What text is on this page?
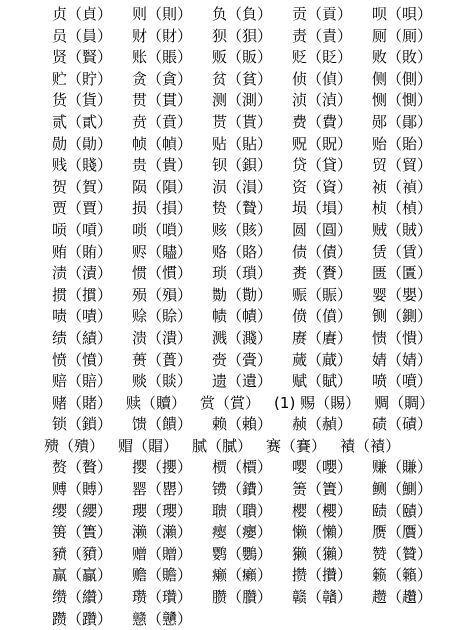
贞（貞） 则（則） 负（負） 贡（貢） 呗（唄）
员（員） 财（財） 狈（狽） 责（責） 厕（厠）
贤（賢） 账（賬） 贩（販） 贬（貶） 败（敗）
贮（貯） 贪（貪） 贫（貧） 侦（偵） 侧（側）
货（貨） 贯（貫） 测（測） 浈（湞） 恻（惻）
贰（貳） 贲（賁） 贳（貰） 费（費） 郧（鄖）
勋（勛） 帧（幀） 贴（貼） 贶（貺） 贻（貽）
贱（賤） 贵（貴） 钡（鋇） 贷（貸） 贸（貿）
贺（賀） 陨（隕） 涢（溳） 资（資） 祯（禎）
贾（賈） 损（損） 贽（贄） 埙（塤） 桢（楨）
唝（嗊） 唢（嗩） 赅（賅） 圆（圓） 贼（賊）
贿（賄） 赆（贐） 赂（賂） 债（債） 赁（賃）
渍（漬） 惯（慣） 琐（瑣） 赉（賚） 匮（匱）
掼（摜） 殒（殞） 勚（勩） 赈（賑） 婴（嬰）
啧（嘖） 赊（賒） 帻（幘） 偾（僨） 铡（鍘）
绩（績） 溃（潰） 溅（濺） 赓（賡） 愦（憒）
愤（憤） 蒉（蕢） 赍（賫） 蒇（蕆） 婧（婧）
赔（賠） 赕（賧） 遗（遺） 赋（賦） 喷（噴）
赌（賭） 赎（贖） 赏（賞） (1) 赐（賜） 赒（賙）
锁（鎖） 馈（饋） 赖（賴） 赪（赬） 碛（磧）
㱮（殨） 赗（賵） 腻（膩） 赛（賽） 襀（襀）
赘（贅） 撄（攖） 槚（檟） 嘤（嚶） 赚（賺）
赙（賻） 罂（罌） 镄（鐨） 箦（簀） 鲗（鰂）
缨（纓） 瓔（瓔） 聩（聵） 樱（櫻） 赜（賾）
篑（簣） 濑（瀨） 瘿（癭） 懒（懶） 赝（贋）
豮（豶） 赠（贈） 鹦（鸚） 獭（獺） 赞（贊）
赢（贏） 赡（贍） 癞（癩） 攒（攢） 籁（籟）
缵（纘） 瓒（瓚） 臜（臢） 赣（贛） 趱（趲）
躜（躦） 戆（戇）
